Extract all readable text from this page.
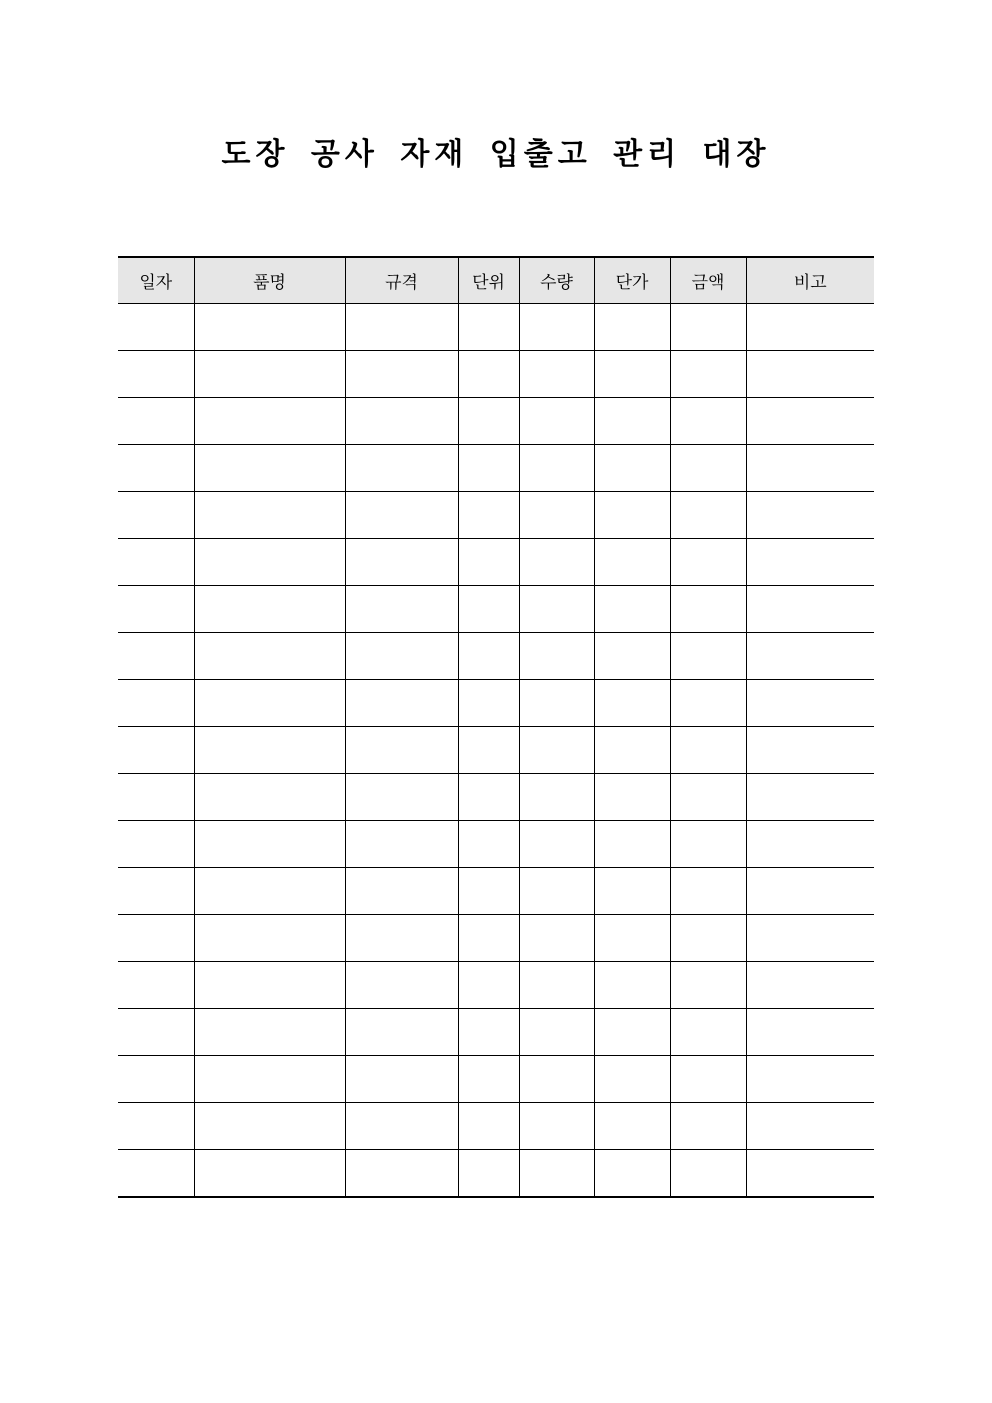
도장 공사 자재 입출고 관리 대장
일자	품명	규격	단위	수량	단가	금액	비고
